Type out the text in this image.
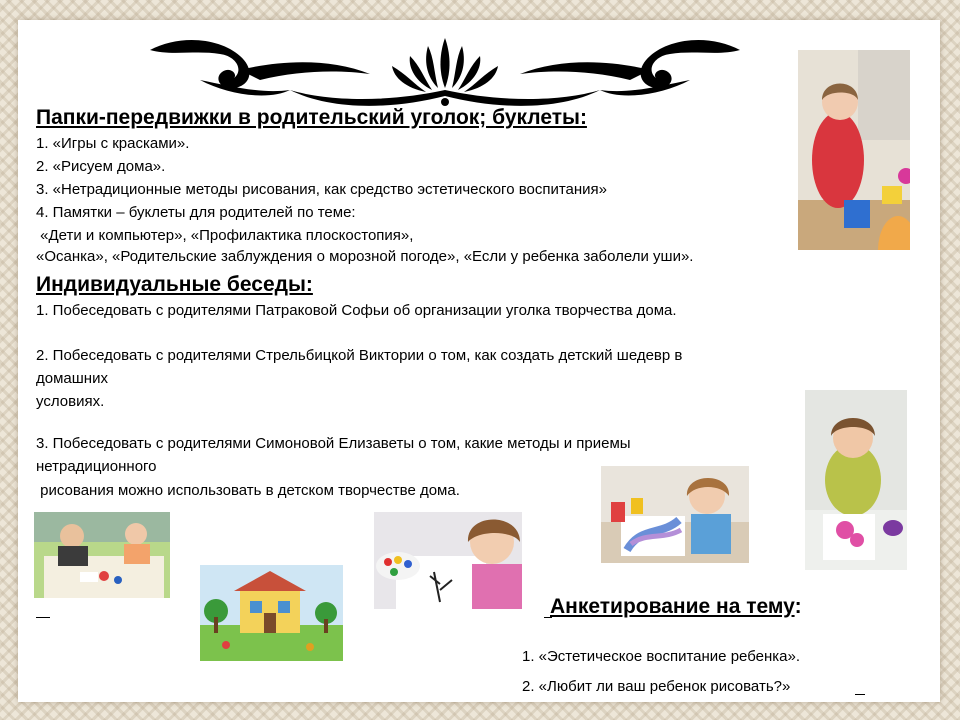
Папки-передвижки в родительский уголок; буклеты:
1. «Игры с красками».
2. «Рисуем дома».
3. «Нетрадиционные методы рисования, как средство эстетического воспитания»
4. Памятки – буклеты для родителей по теме:
«Дети и компьютер», «Профилактика плоскостопия»,
«Осанка», «Родительские заблуждения о морозной погоде», «Если у ребенка заболели уши».
Индивидуальные беседы:
1. Побеседовать с родителями Патраковой Софьи об организации уголка творчества дома.
2. Побеседовать с родителями Стрельбицкой Виктории о том, как создать детский шедевр в
домашних
условиях.
3. Побеседовать с родителями Симоновой Елизаветы о том, какие методы и приемы
нетрадиционного
рисования можно использовать в детском творчестве дома.
Анкетирование на тему:
1. «Эстетическое воспитание ребенка».
2. «Любит ли ваш ребенок рисовать?»
